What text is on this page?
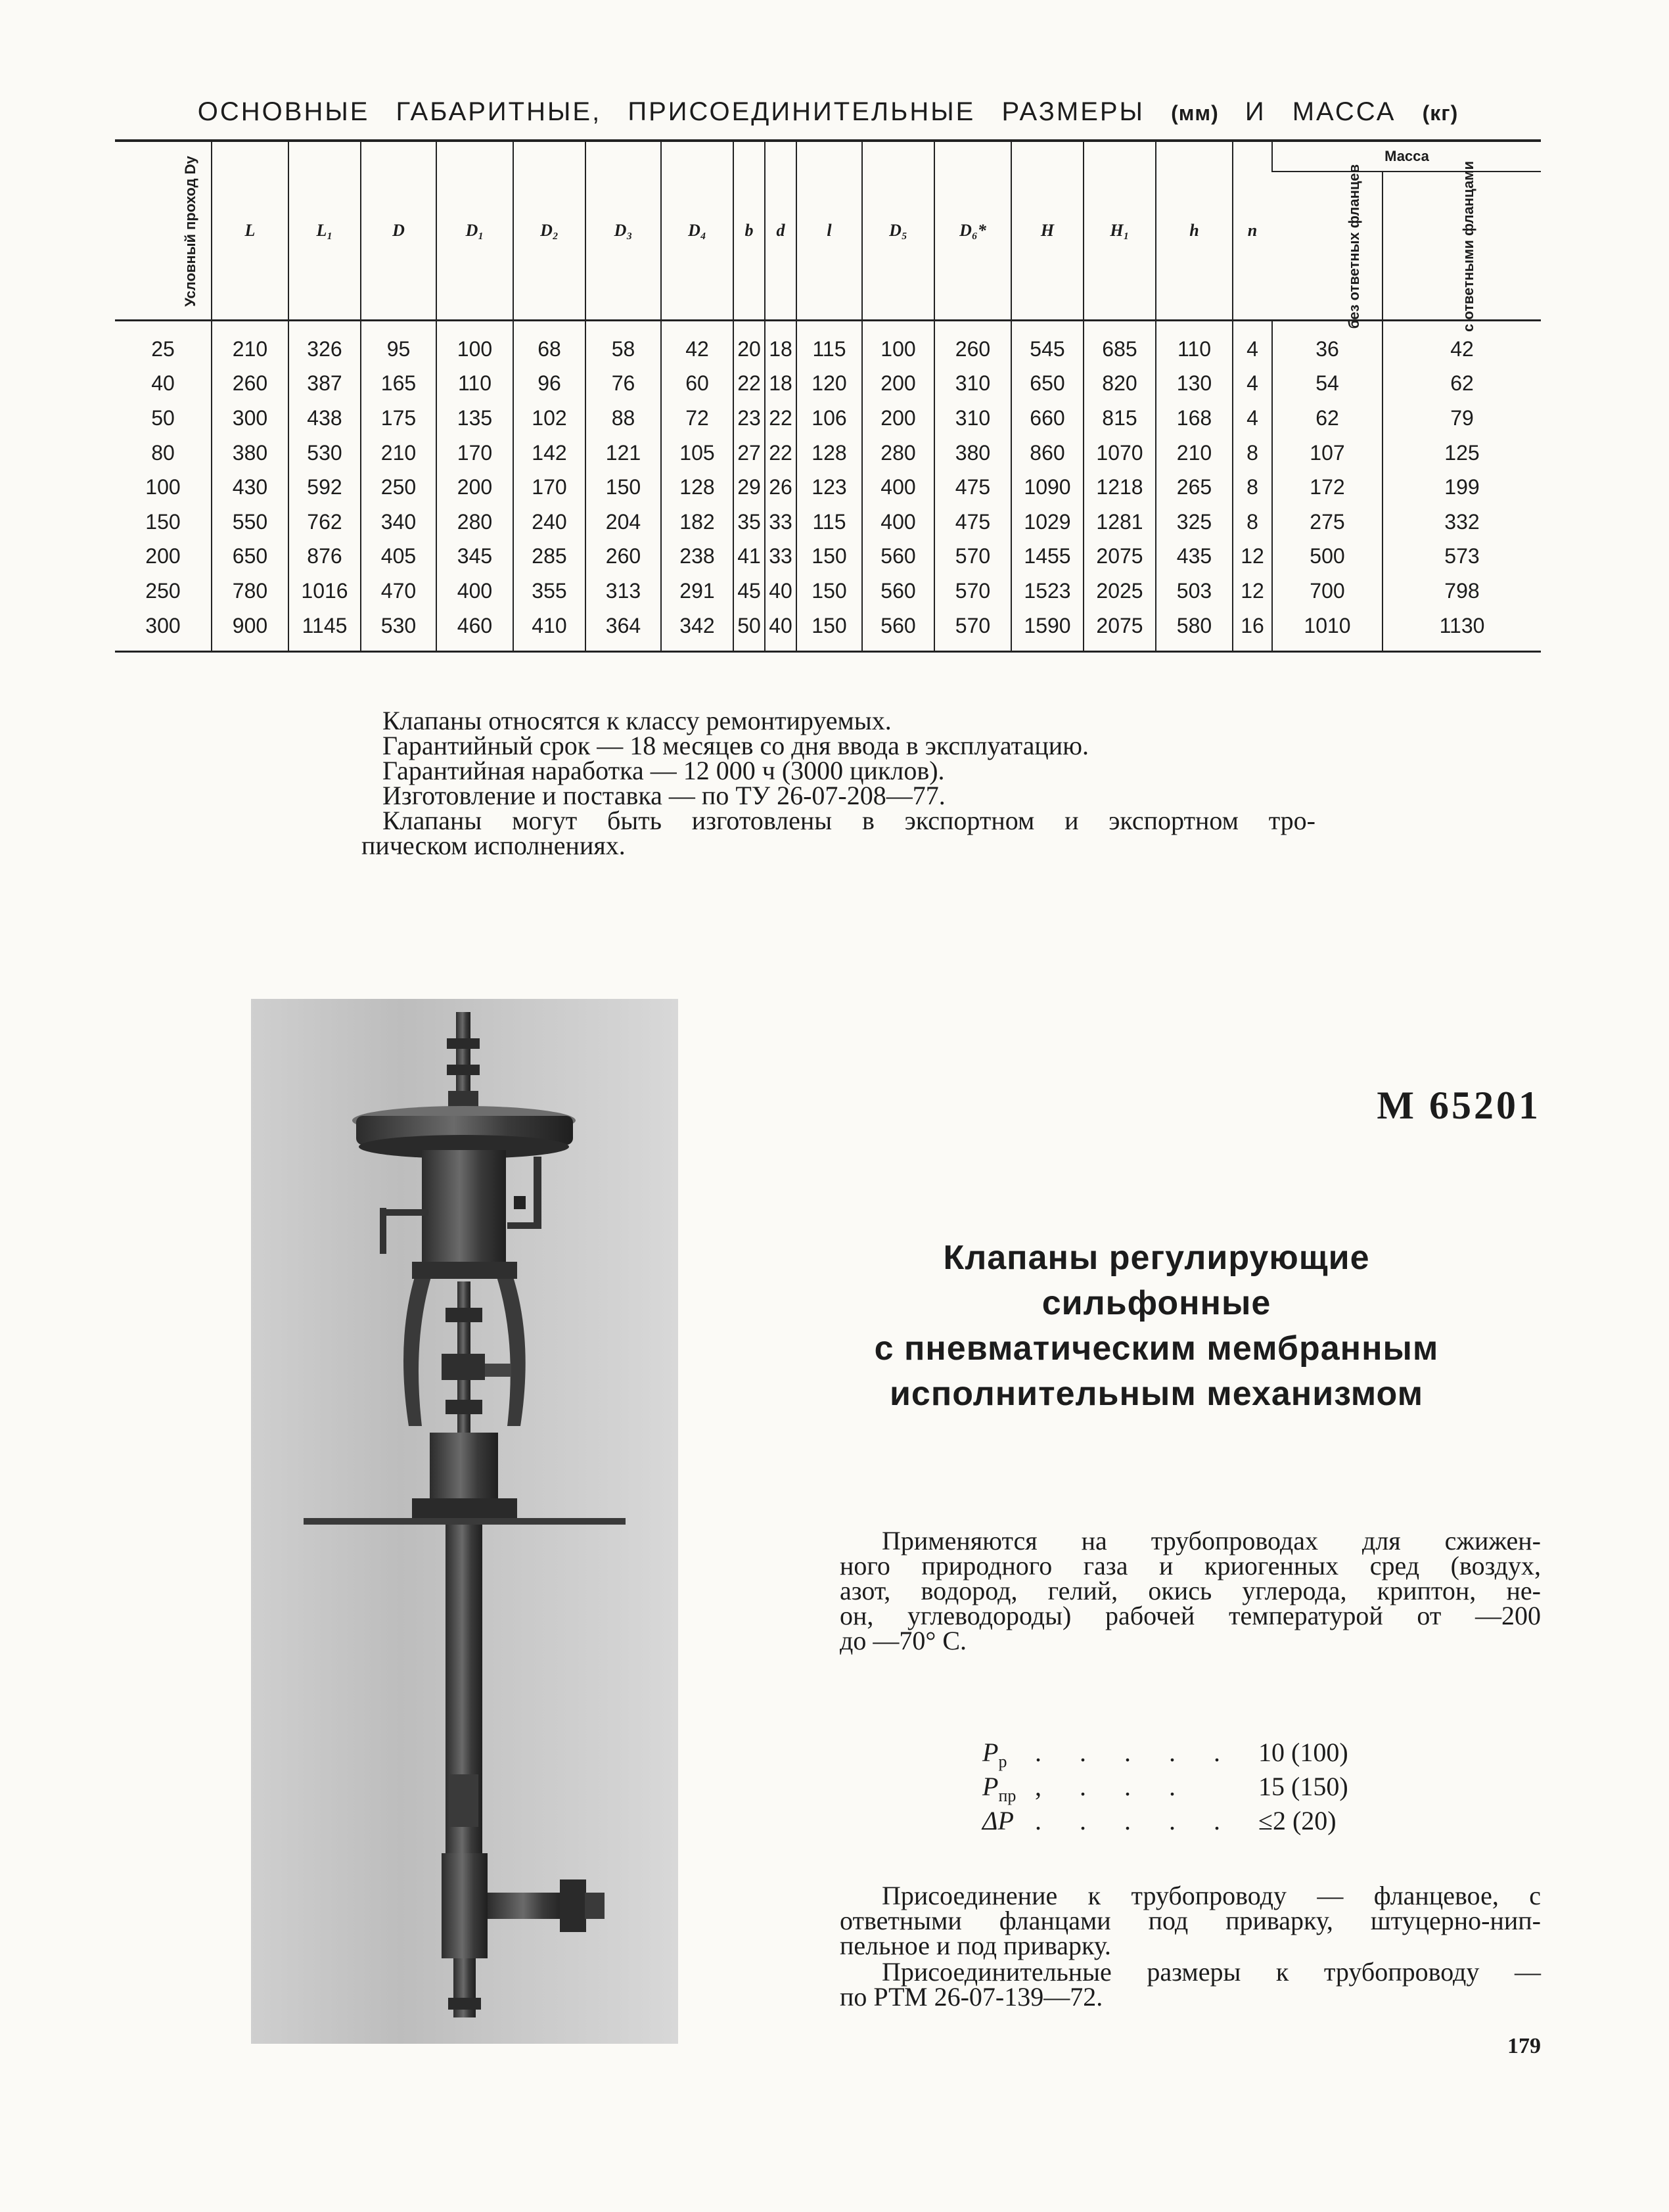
ОСНОВНЫЕ ГАБАРИТНЫЕ, ПРИСОЕДИНИТЕЛЬНЫЕ РАЗМЕРЫ (мм) И МАССА (кг)
Условный проход Dу	L	L₁	D	D₁	D₂	D₃	D₄	b	d	l	D₅	D₆*	H	H₁	h	n	Масса	
																	без ответных фланцев	с ответными фланцами
25	210	326	95	100	68	58	42	20	18	115	100	260	545	685	110	4	36	42
40	260	387	165	110	96	76	60	22	18	120	200	310	650	820	130	4	54	62
50	300	438	175	135	102	88	72	23	22	106	200	310	660	815	168	4	62	79
80	380	530	210	170	142	121	105	27	22	128	280	380	860	1070	210	8	107	125
100	430	592	250	200	170	150	128	29	26	123	400	475	1090	1218	265	8	172	199
150	550	762	340	280	240	204	182	35	33	115	400	475	1029	1281	325	8	275	332
200	650	876	405	345	285	260	238	41	33	150	560	570	1455	2075	435	12	500	573
250	780	1016	470	400	355	313	291	45	40	150	560	570	1523	2025	503	12	700	798
300	900	1145	530	460	410	364	342	50	40	150	560	570	1590	2075	580	16	1010	1130

Клапаны относятся к классу ремонтируемых.

Гарантийный срок — 18 месяцев со дня ввода в эксплуатацию.

Гарантийная наработка — 12 000 ч (3000 циклов).

Изготовление и поставка — по ТУ 26-07-208—77.

Клапаны могут быть изготовлены в экспортном и экспортном тро-

пическом исполнениях.

М 65201
Клапаны регулирующие
сильфонные
с пневматическим мембранным
исполнительным механизмом
Применяются на трубопроводах для сжижен-
ного природного газа и криогенных сред (воздух,
азот, водород, гелий, окись углерода, криптон, не-
он, углеводороды) рабочей температурой от —200
до —70° С.
$P_р$	. . . . . 10 (100)
$P_{пр}$ , . . .	15 (150)
ΔP . . . . . ≤2 (20)
Присоединение к трубопроводу — фланцевое, с
ответными фланцами под приварку, штуцерно-нип-
пельное и под приварку.
Присоединительные размеры к трубопроводу —
по РТМ 26-07-139—72.
179
